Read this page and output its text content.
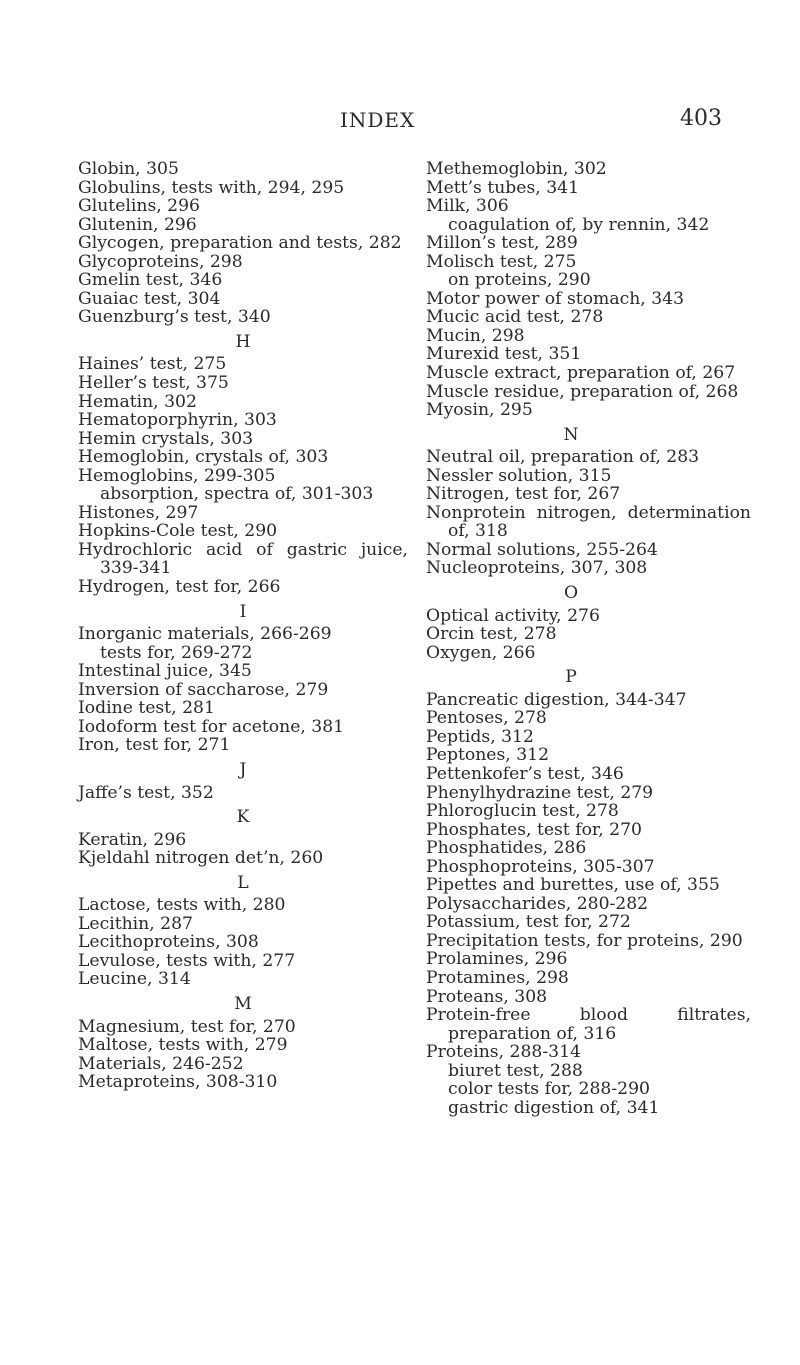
INDEX	403
Globin, 305
Globulins, tests with, 294, 295
Glutelins, 296
Glutenin, 296
Glycogen, preparation and tests, 282
Glycoproteins, 298
Gmelin test, 346
Guaiac test, 304
Guenzburg’s test, 340
H
Haines’ test, 275
Heller’s test, 375
Hematin, 302
Hematoporphyrin, 303
Hemin crystals, 303
Hemoglobin, crystals of, 303
Hemoglobins, 299-305
absorption, spectra of, 301-303
Histones, 297
Hopkins-Cole test, 290
Hydrochloric acid of gastric juice, 339-341
Hydrogen, test for, 266
I
Inorganic materials, 266-269
tests for, 269-272
Intestinal juice, 345
Inversion of saccharose, 279
Iodine test, 281
Iodoform test for acetone, 381
Iron, test for, 271
J
Jaffe’s test, 352
K
Keratin, 296
Kjeldahl nitrogen det’n, 260
L
Lactose, tests with, 280
Lecithin, 287
Lecithoproteins, 308
Levulose, tests with, 277
Leucine, 314
M
Magnesium, test for, 270
Maltose, tests with, 279
Materials, 246-252
Metaproteins, 308-310
Methemoglobin, 302
Mett’s tubes, 341
Milk, 306
coagulation of, by rennin, 342
Millon’s test, 289
Molisch test, 275
on proteins, 290
Motor power of stomach, 343
Mucic acid test, 278
Mucin, 298
Murexid test, 351
Muscle extract, preparation of, 267
Muscle residue, preparation of, 268
Myosin, 295
N
Neutral oil, preparation of, 283
Nessler solution, 315
Nitrogen, test for, 267
Nonprotein nitrogen, determination of, 318
Normal solutions, 255-264
Nucleoproteins, 307, 308
O
Optical activity, 276
Orcin test, 278
Oxygen, 266
P
Pancreatic digestion, 344-347
Pentoses, 278
Peptids, 312
Peptones, 312
Pettenkofer’s test, 346
Phenylhydrazine test, 279
Phloroglucin test, 278
Phosphates, test for, 270
Phosphatides, 286
Phosphoproteins, 305-307
Pipettes and burettes, use of, 355
Polysaccharides, 280-282
Potassium, test for, 272
Precipitation tests, for proteins, 290
Prolamines, 296
Protamines, 298
Proteans, 308
Protein-free blood filtrates, preparation of, 316
Proteins, 288-314
biuret test, 288
color tests for, 288-290
gastric digestion of, 341
